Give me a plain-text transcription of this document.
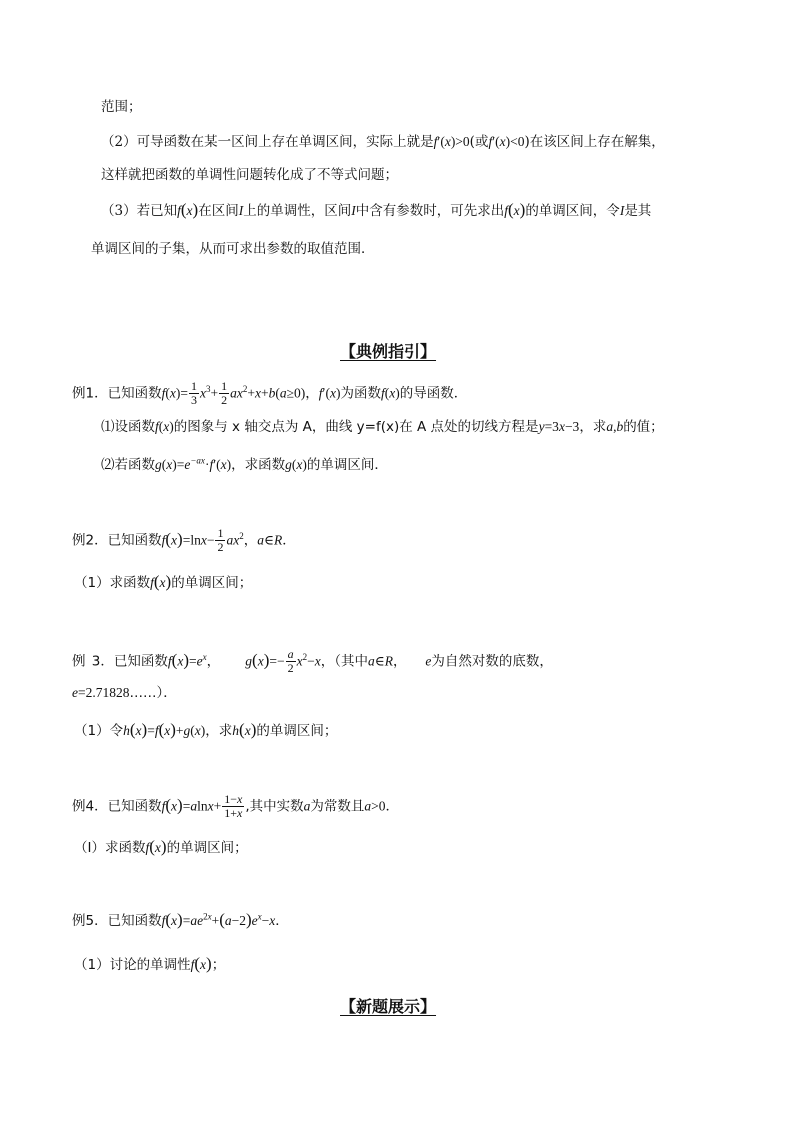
范围；
（2）可导函数在某一区间上存在单调区间，实际上就是f′(x)>0(或f′(x)<0)在该区间上存在解集，
这样就把函数的单调性问题转化成了不等式问题；
（3）若已知f(x)在区间I上的单调性，区间I中含有参数时，可先求出f(x)的单调区间，令I是其
单调区间的子集，从而可求出参数的取值范围．
【典例指引】
例1．已知函数$f(x)= \frac{1}{3} x^3+ \frac{1}{2} ax^2+x+b(a\ge 0)$，f′(x)为函数f(x)的导函数．
⑴设函数f(x)的图象与 x 轴交点为 A，曲线 y=f(x)在 A 点处的切线方程是y=3x−3，求a,b的值；
⑵若函数$g(x)=e^{-ax}\cdot f'(x)$，求函数g(x)的单调区间．
例2．已知函数$f(x)=\ln x- \frac{1}{2} ax^2$，a∈R．
（1）求函数f(x)的单调区间；
例 3．已知函数$f(x)=e^x$， $g(x)=- \frac{a}{2} x^2-x$，（其中a∈R， e为自然对数的底数，
e=2.71828……）．
（1）令h(x)=f(x)+g(x)，求h(x)的单调区间；
例4．已知函数$f(x)=alnx+ \frac{1-x}{1+x}$ ,其中实数a为常数且a>0．
（I）求函数f(x)的单调区间；
例5．已知函数$f(x)=ae^{2x}+(a-2)e^x-x$．
（1）讨论的单调性f(x)；
【新题展示】
